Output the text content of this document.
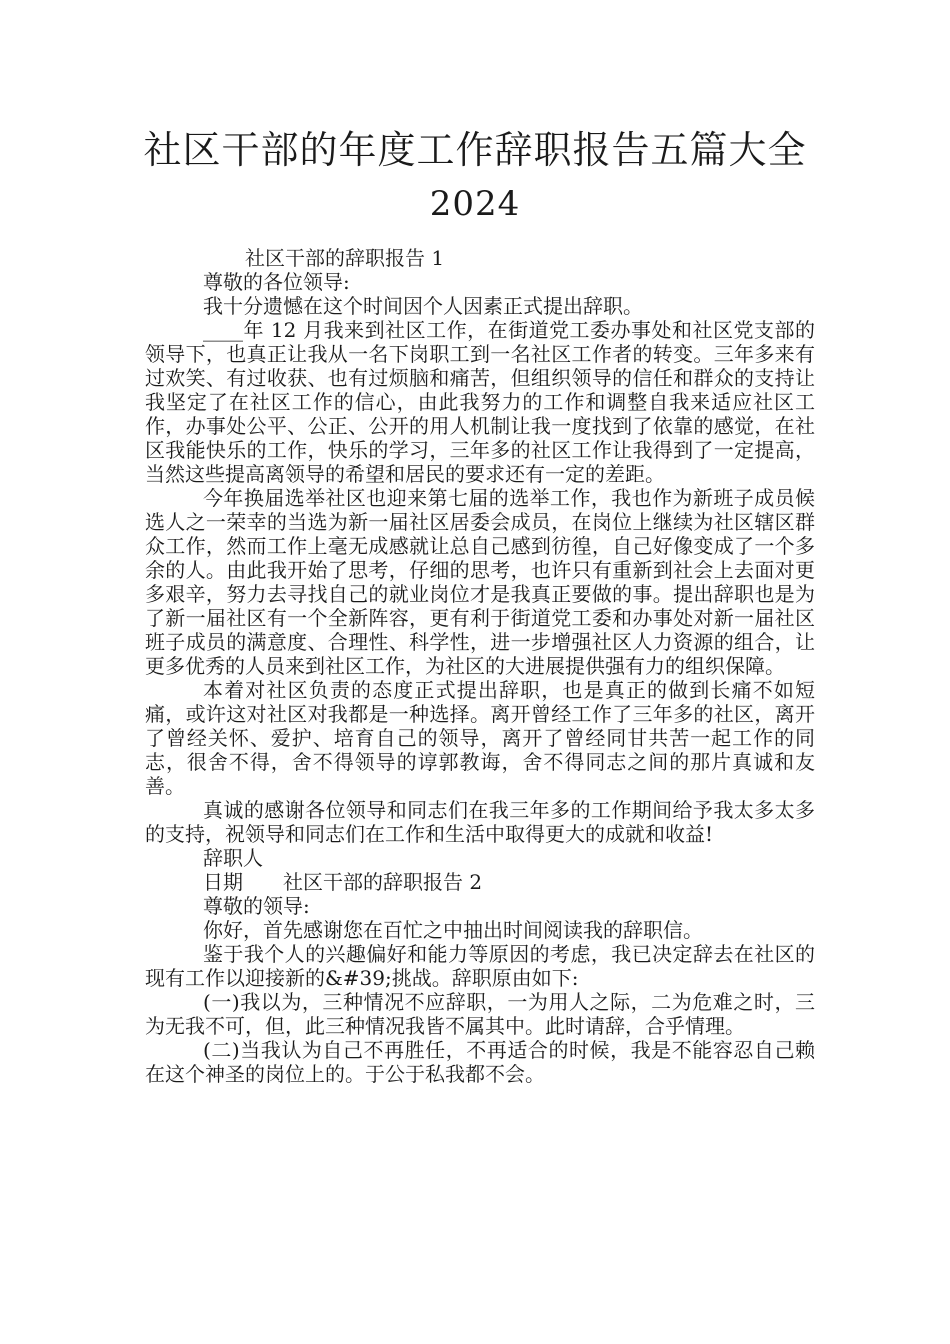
社区干部的年度工作辞职报告五篇大全
2024

社区干部的辞职报告 1

尊敬的各位领导:

我十分遗憾在这个时间因个人因素正式提出辞职。

____年 12 月我来到社区工作，在街道党工委办事处和社区党支部的领导下，也真正让我从一名下岗职工到一名社区工作者的转变。三年多来有过欢笑、有过收获、也有过烦脑和痛苦，但组织领导的信任和群众的支持让我坚定了在社区工作的信心，由此我努力的工作和调整自我来适应社区工作，办事处公平、公正、公开的用人机制让我一度找到了依靠的感觉，在社区我能快乐的工作，快乐的学习，三年多的社区工作让我得到了一定提高，当然这些提高离领导的希望和居民的要求还有一定的差距。

今年换届选举社区也迎来第七届的选举工作，我也作为新班子成员候选人之一荣幸的当选为新一届社区居委会成员，在岗位上继续为社区辖区群众工作，然而工作上毫无成感就让总自己感到彷徨，自己好像变成了一个多余的人。由此我开始了思考，仔细的思考，也许只有重新到社会上去面对更多艰辛，努力去寻找自己的就业岗位才是我真正要做的事。提出辞职也是为了新一届社区有一个全新阵容，更有利于街道党工委和办事处对新一届社区班子成员的满意度、合理性、科学性，进一步增强社区人力资源的组合，让更多优秀的人员来到社区工作，为社区的大进展提供强有力的组织保障。

本着对社区负责的态度正式提出辞职，也是真正的做到长痛不如短痛，或许这对社区对我都是一种选择。离开曾经工作了三年多的社区，离开了曾经关怀、爱护、培育自己的领导，离开了曾经同甘共苦一起工作的同志，很舍不得，舍不得领导的谆郭教诲，舍不得同志之间的那片真诚和友善。

真诚的感谢各位领导和同志们在我三年多的工作期间给予我太多太多的支持，祝领导和同志们在工作和生活中取得更大的成就和收益!

辞职人

日期　　社区干部的辞职报告 2

尊敬的领导:

你好，首先感谢您在百忙之中抽出时间阅读我的辞职信。

鉴于我个人的兴趣偏好和能力等原因的考虑，我已决定辞去在社区的现有工作以迎接新的&#39;挑战。辞职原由如下:

(一)我以为，三种情况不应辞职，一为用人之际，二为危难之时，三为无我不可，但，此三种情况我皆不属其中。此时请辞，合乎情理。

(二)当我认为自己不再胜任，不再适合的时候，我是不能容忍自己赖在这个神圣的岗位上的。于公于私我都不会。
